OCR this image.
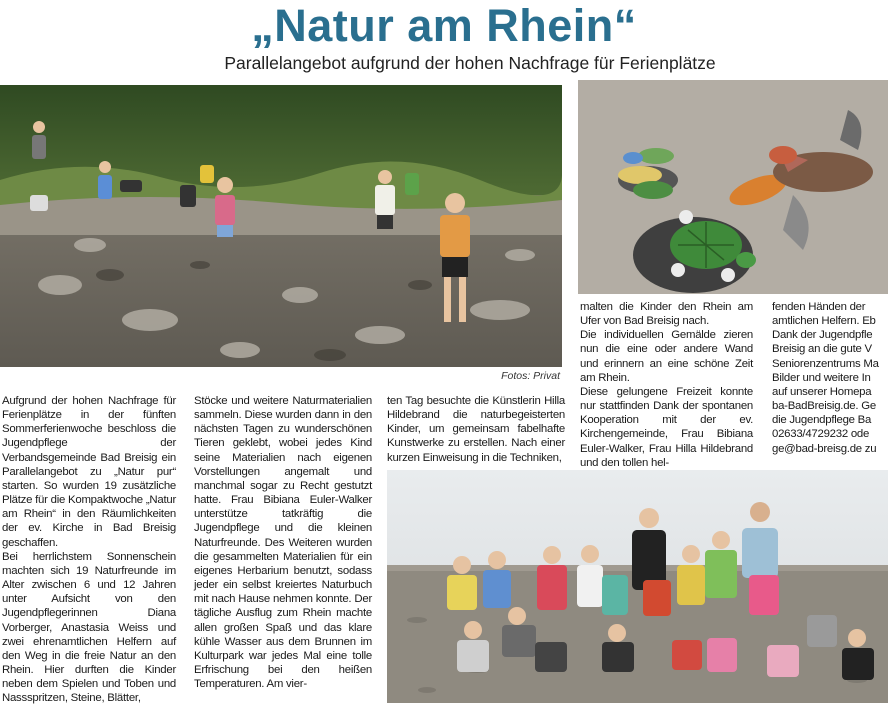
„Natur am Rhein“
Parallelangebot aufgrund der hohen Nachfrage für Ferienplätze
Fotos: Privat

Aufgrund der hohen Nachfrage für Ferienplätze in der fünften Sommerferienwoche beschloss die Jugendpflege der Verbandsgemeinde Bad Breisig ein Parallelangebot zu „Natur pur“ starten. So wurden 19 zusätzliche Plätze für die Kompaktwoche „Natur am Rhein“ in den Räumlichkeiten der ev. Kirche in Bad Breisig geschaffen.

Bei herrlichstem Sonnenschein machten sich 19 Naturfreunde im Alter zwischen 6 und 12 Jahren unter Aufsicht von den Jugendpflegerinnen Diana Vorberger, Anastasia Weiss und zwei ehrenamtlichen Helfern auf den Weg in die freie Natur an den Rhein. Hier durften die Kinder neben dem Spielen und Toben und Nassspritzen, Steine, Blätter,

Stöcke und weitere Naturmaterialien sammeln. Diese wurden dann in den nächsten Tagen zu wunderschönen Tieren geklebt, wobei jedes Kind seine Materialien nach eigenen Vorstellungen angemalt und manchmal sogar zu Recht gestutzt hatte. Frau Bibiana Euler-Walker unterstütze tatkräftig die Jugendpflege und die kleinen Naturfreunde. Des Weiteren wurden die gesammelten Materialien für ein eigenes Herbarium benutzt, sodass jeder ein selbst kreiertes Naturbuch mit nach Hause nehmen konnte. Der tägliche Ausflug zum Rhein machte allen großen Spaß und das klare kühle Wasser aus dem Brunnen im Kulturpark war jedes Mal eine tolle Erfrischung bei den heißen Temperaturen. Am vier-

ten Tag besuchte die Künstlerin Hilla Hildebrand die naturbegeisterten Kinder, um gemeinsam fabelhafte Kunstwerke zu erstellen. Nach einer kurzen Einweisung in die Techniken,

malten die Kinder den Rhein am Ufer von Bad Breisig nach.

Die individuellen Gemälde zieren nun die eine oder andere Wand und erinnern an eine schöne Zeit am Rhein.

Diese gelungene Freizeit konnte nur stattfinden Dank der spontanen Kooperation mit der ev. Kirchengemeinde, Frau Bibiana Euler-Walker, Frau Hilla Hildebrand und den tollen hel-

fenden Händen der

amtlichen Helfern. Eb

Dank der Jugendpfle

Breisig an die gute V

Seniorenzentrums Ma

Bilder und weitere In

auf unserer Homepa

ba-BadBreisig.de. Ge

die Jugendpflege Ba

02633/4729232 ode

ge@bad-breisg.de zu
